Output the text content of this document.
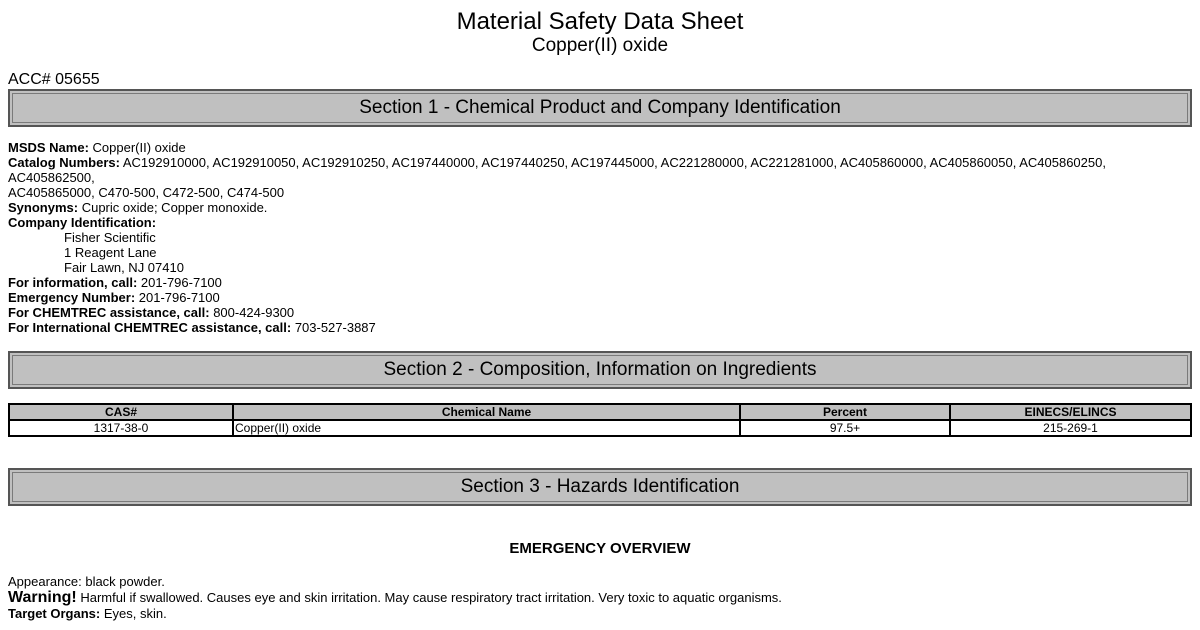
Material Safety Data Sheet
Copper(II) oxide
ACC# 05655
Section 1 - Chemical Product and Company Identification
MSDS Name: Copper(II) oxide
Catalog Numbers: AC192910000, AC192910050, AC192910250, AC197440000, AC197440250, AC197445000, AC221280000, AC221281000, AC405860000, AC405860050, AC405860250, AC405862500,
AC405865000, C470-500, C472-500, C474-500
Synonyms: Cupric oxide; Copper monoxide.
Company Identification:
Fisher Scientific
1 Reagent Lane
Fair Lawn, NJ 07410
For information, call: 201-796-7100
Emergency Number: 201-796-7100
For CHEMTREC assistance, call: 800-424-9300
For International CHEMTREC assistance, call: 703-527-3887
Section 2 - Composition, Information on Ingredients
CAS#	Chemical Name	Percent	EINECS/ELINCS
1317-38-0	Copper(II) oxide	97.5+	215-269-1
Section 3 - Hazards Identification
EMERGENCY OVERVIEW
Appearance: black powder.
Warning! Harmful if swallowed. Causes eye and skin irritation. May cause respiratory tract irritation. Very toxic to aquatic organisms.
Target Organs: Eyes, skin.
